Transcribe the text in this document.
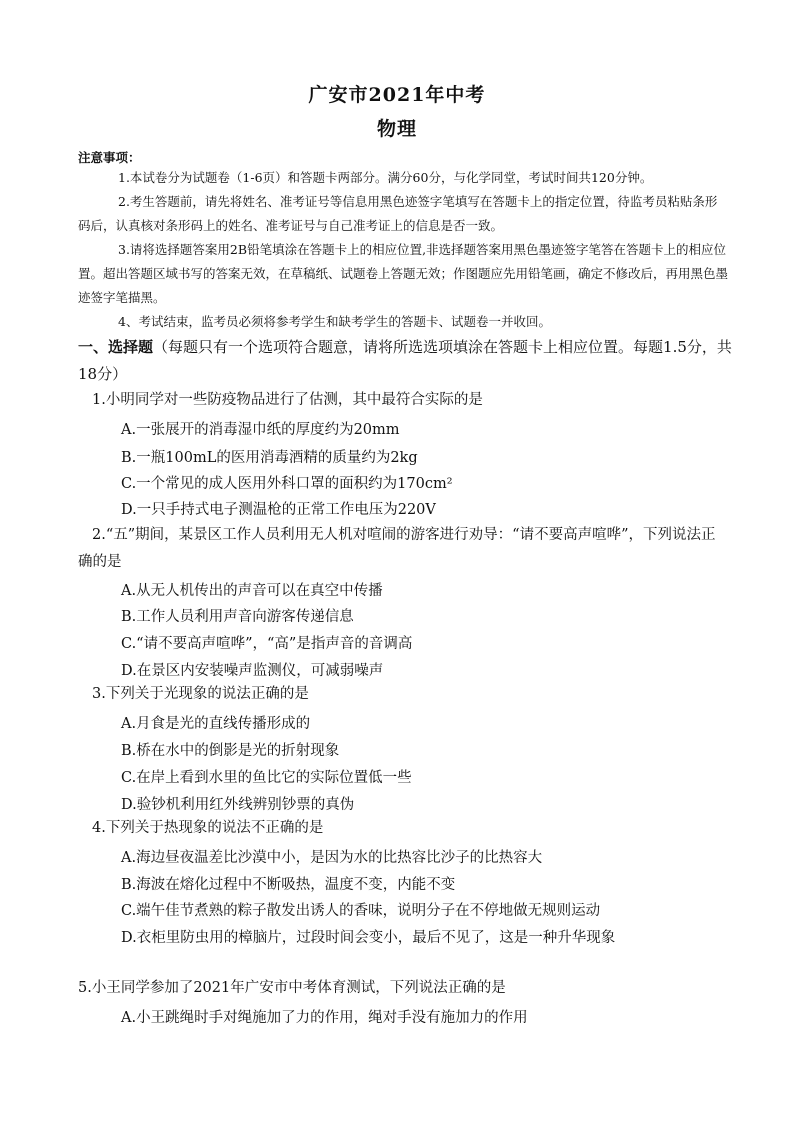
广安市2021年中考
物理
注意事项：
1.本试卷分为试题卷（1-6页）和答题卡两部分。满分60分，与化学同堂，考试时间共120分钟。
2.考生答题前，请先将姓名、准考证号等信息用黑色迹签字笔填写在答题卡上的指定位置，待监考员粘贴条形码后，认真核对条形码上的姓名、准考证号与自己准考证上的信息是否一致。
3.请将选择题答案用2B铅笔填涂在答题卡上的相应位置,非选择题答案用黑色墨迹签字笔答在答题卡上的相应位置。超出答题区域书写的答案无效，在草稿纸、试题卷上答题无效；作图题应先用铅笔画，确定不修改后，再用黑色墨迹签字笔描黑。
4、考试结束，监考员必须将参考学生和缺考学生的答题卡、试题卷一并收回。
一、选择题（每题只有一个选项符合题意，请将所选选项填涂在答题卡上相应位置。每题1.5分，共18分）
1.小明同学对一些防疫物品进行了估测，其中最符合实际的是
A.一张展开的消毒湿巾纸的厚度约为20mm
B.一瓶100mL的医用消毒酒精的质量约为2kg
C.一个常见的成人医用外科口罩的面积约为170cm²
D.一只手持式电子测温枪的正常工作电压为220V
2.“五”期间，某景区工作人员利用无人机对喧闹的游客进行劝导：“请不要高声喧哗”，下列说法正确的是
A.从无人机传出的声音可以在真空中传播
B.工作人员利用声音向游客传递信息
C.“请不要高声喧哗”，“高”是指声音的音调高
D.在景区内安装噪声监测仪，可减弱噪声
3.下列关于光现象的说法正确的是
A.月食是光的直线传播形成的
B.桥在水中的倒影是光的折射现象
C.在岸上看到水里的鱼比它的实际位置低一些
D.验钞机利用红外线辨别钞票的真伪
4.下列关于热现象的说法不正确的是
A.海边昼夜温差比沙漠中小，是因为水的比热容比沙子的比热容大
B.海波在熔化过程中不断吸热，温度不变，内能不变
C.端午佳节煮熟的粽子散发出诱人的香味，说明分子在不停地做无规则运动
D.衣柜里防虫用的樟脑片，过段时间会变小，最后不见了，这是一种升华现象
5.小王同学参加了2021年广安市中考体育测试，下列说法正确的是
A.小王跳绳时手对绳施加了力的作用，绳对手没有施加力的作用
